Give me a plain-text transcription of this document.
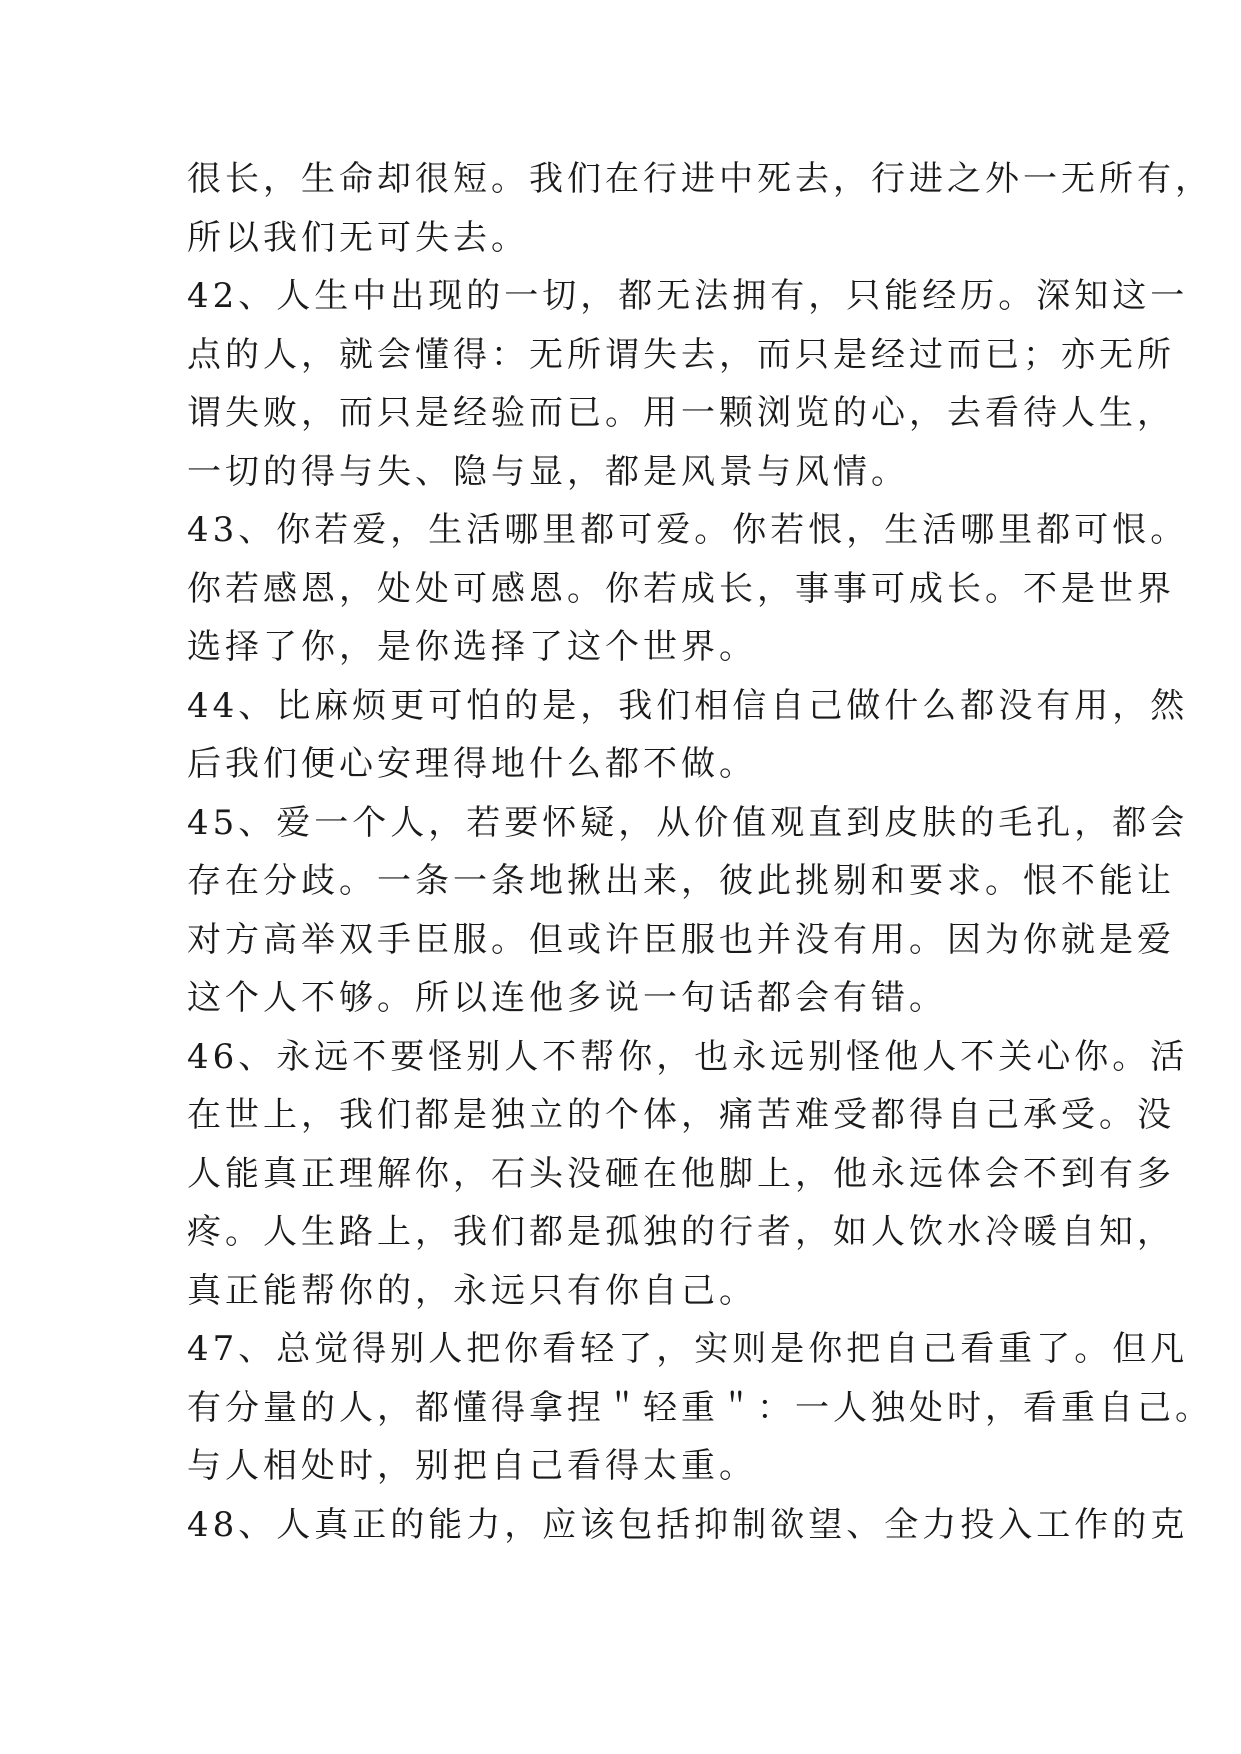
很长，生命却很短。我们在行进中死去，行进之外一无所有，
所以我们无可失去。
42、人生中出现的一切，都无法拥有，只能经历。深知这一
点的人，就会懂得：无所谓失去，而只是经过而已；亦无所
谓失败，而只是经验而已。用一颗浏览的心，去看待人生，
一切的得与失、隐与显，都是风景与风情。
43、你若爱，生活哪里都可爱。你若恨，生活哪里都可恨。
你若感恩，处处可感恩。你若成长，事事可成长。不是世界
选择了你，是你选择了这个世界。
44、比麻烦更可怕的是，我们相信自己做什么都没有用，然
后我们便心安理得地什么都不做。
45、爱一个人，若要怀疑，从价值观直到皮肤的毛孔，都会
存在分歧。一条一条地揪出来，彼此挑剔和要求。恨不能让
对方高举双手臣服。但或许臣服也并没有用。因为你就是爱
这个人不够。所以连他多说一句话都会有错。
46、永远不要怪别人不帮你，也永远别怪他人不关心你。活
在世上，我们都是独立的个体，痛苦难受都得自己承受。没
人能真正理解你，石头没砸在他脚上，他永远体会不到有多
疼。人生路上，我们都是孤独的行者，如人饮水冷暖自知，
真正能帮你的，永远只有你自己。
47、总觉得别人把你看轻了，实则是你把自己看重了。但凡
有分量的人，都懂得拿捏＂轻重＂：一人独处时，看重自己。
与人相处时，别把自己看得太重。
48、人真正的能力，应该包括抑制欲望、全力投入工作的克
